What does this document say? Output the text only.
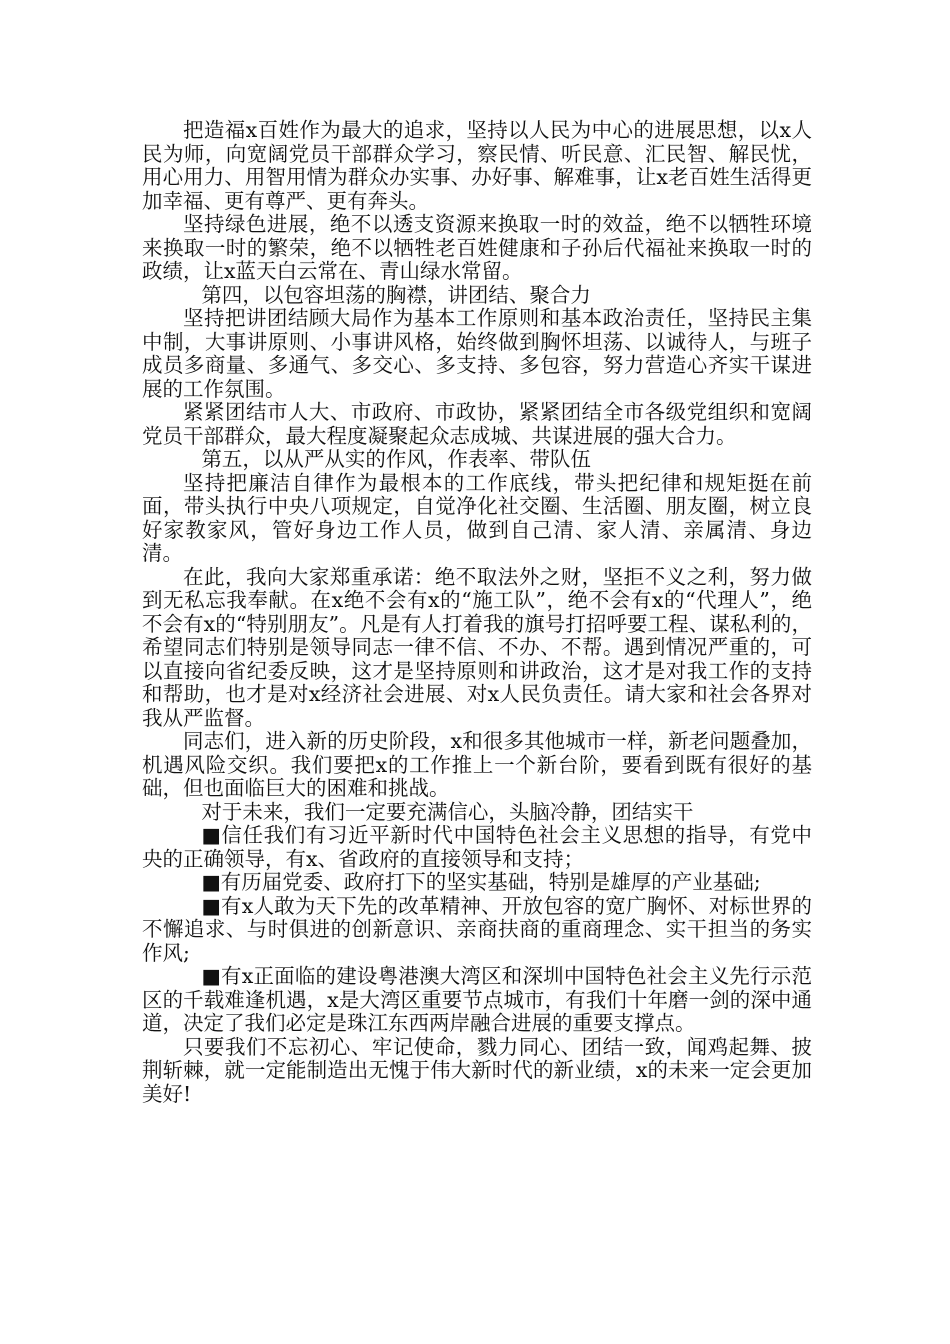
把造福x百姓作为最大的追求，坚持以人民为中心的进展思想，以x人民为师，向宽阔党员干部群众学习，察民情、听民意、汇民智、解民忧，用心用力、用智用情为群众办实事、办好事、解难事，让x老百姓生活得更加幸福、更有尊严、更有奔头。

坚持绿色进展，绝不以透支资源来换取一时的效益，绝不以牺牲环境来换取一时的繁荣，绝不以牺牲老百姓健康和子孙后代福祉来换取一时的政绩，让x蓝天白云常在、青山绿水常留。

第四，以包容坦荡的胸襟，讲团结、聚合力

坚持把讲团结顾大局作为基本工作原则和基本政治责任，坚持民主集中制，大事讲原则、小事讲风格，始终做到胸怀坦荡、以诚待人，与班子成员多商量、多通气、多交心、多支持、多包容，努力营造心齐实干谋进展的工作氛围。

紧紧团结市人大、市政府、市政协，紧紧团结全市各级党组织和宽阔党员干部群众，最大程度凝聚起众志成城、共谋进展的强大合力。

第五，以从严从实的作风，作表率、带队伍

坚持把廉洁自律作为最根本的工作底线，带头把纪律和规矩挺在前面，带头执行中央八项规定，自觉净化社交圈、生活圈、朋友圈，树立良好家教家风，管好身边工作人员，做到自己清、家人清、亲属清、身边清。

在此，我向大家郑重承诺：绝不取法外之财，坚拒不义之利，努力做到无私忘我奉献。在x绝不会有x的“施工队”，绝不会有x的“代理人”，绝不会有x的“特别朋友”。凡是有人打着我的旗号打招呼要工程、谋私利的，希望同志们特别是领导同志一律不信、不办、不帮。遇到情况严重的，可以直接向省纪委反映，这才是坚持原则和讲政治，这才是对我工作的支持和帮助，也才是对x经济社会进展、对x人民负责任。请大家和社会各界对我从严监督。

同志们，进入新的历史阶段，x和很多其他城市一样，新老问题叠加，机遇风险交织。我们要把x的工作推上一个新台阶，要看到既有很好的基础，但也面临巨大的困难和挑战。

对于未来，我们一定要充满信心，头脑冷静，团结实干

■信任我们有习近平新时代中国特色社会主义思想的指导，有党中央的正确领导，有x、省政府的直接领导和支持；

■有历届党委、政府打下的坚实基础，特别是雄厚的产业基础;

■有x人敢为天下先的改革精神、开放包容的宽广胸怀、对标世界的不懈追求、与时俱进的创新意识、亲商扶商的重商理念、实干担当的务实作风;

■有x正面临的建设粤港澳大湾区和深圳中国特色社会主义先行示范区的千载难逢机遇，x是大湾区重要节点城市，有我们十年磨一剑的深中通道，决定了我们必定是珠江东西两岸融合进展的重要支撑点。

只要我们不忘初心、牢记使命，戮力同心、团结一致，闻鸡起舞、披荆斩棘，就一定能制造出无愧于伟大新时代的新业绩，x的未来一定会更加美好!
